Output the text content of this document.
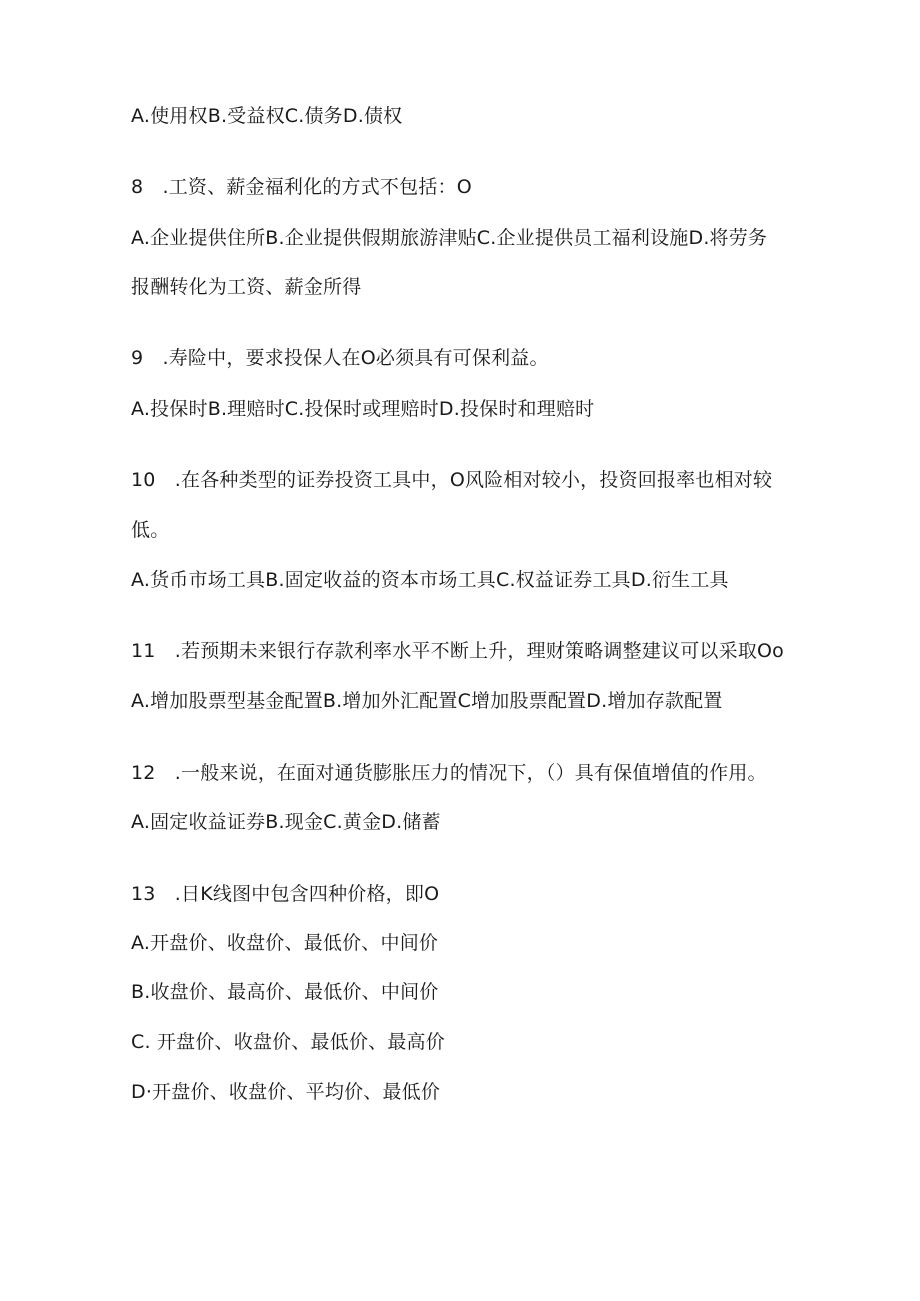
A.使用权B.受益权C.债务D.债权
8 .工资、薪金福利化的方式不包括：O
A.企业提供住所B.企业提供假期旅游津贴C.企业提供员工福利设施D.将劳务
报酬转化为工资、薪金所得
9 .寿险中，要求投保人在O必须具有可保利益。
A.投保时B.理赔时C.投保时或理赔时D.投保时和理赔时
10 .在各种类型的证券投资工具中，O风险相对较小，投资回报率也相对较
低。
A.货币市场工具B.固定收益的资本市场工具C.权益证券工具D.衍生工具
11 .若预期未来银行存款利率水平不断上升，理财策略调整建议可以采取Oo
A.增加股票型基金配置B.增加外汇配置C增加股票配置D.增加存款配置
12 .一般来说，在面对通货膨胀压力的情况下，（）具有保值增值的作用。
A.固定收益证券B.现金C.黄金D.储蓄
13 .日K线图中包含四种价格，即O
A.开盘价、收盘价、最低价、中间价
B.收盘价、最高价、最低价、中间价
C. 开盘价、收盘价、最低价、最高价
D·开盘价、收盘价、平均价、最低价
